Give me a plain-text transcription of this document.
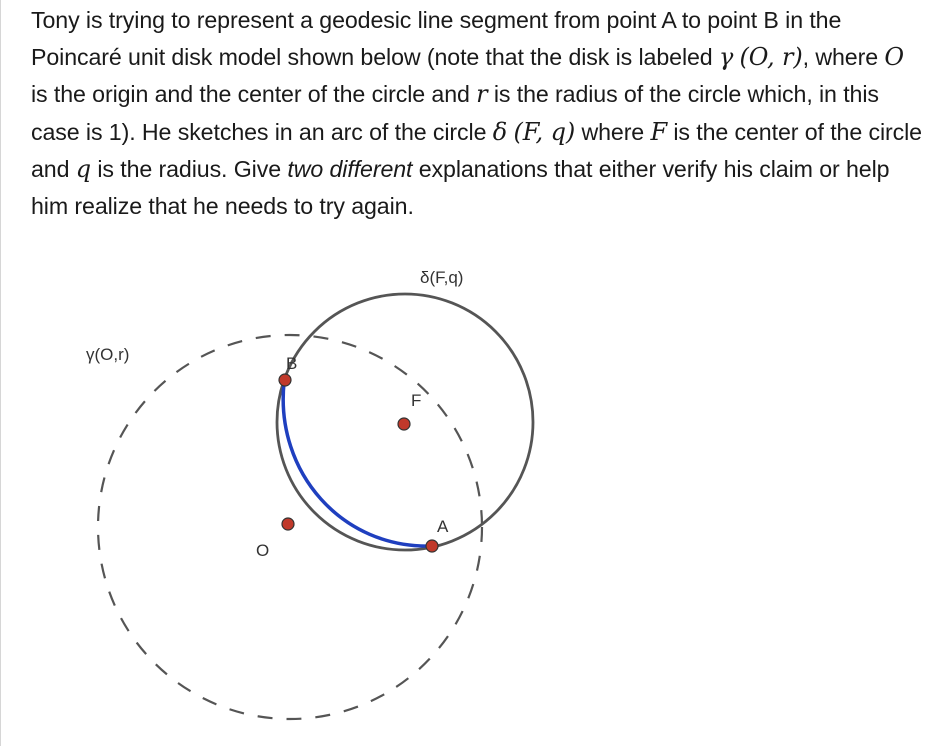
Tony is trying to represent a geodesic line segment from point A to point B in the Poincaré unit disk model shown below (note that the disk is labeled γ (O, r), where O is the origin and the center of the circle and r is the radius of the circle which, in this case is 1). He sketches in an arc of the circle δ (F, q) where F is the center of the circle and q is the radius. Give two different explanations that either verify his claim or help him realize that he needs to try again.

δ(F,q)
γ(O,r)	B
F
A
O
